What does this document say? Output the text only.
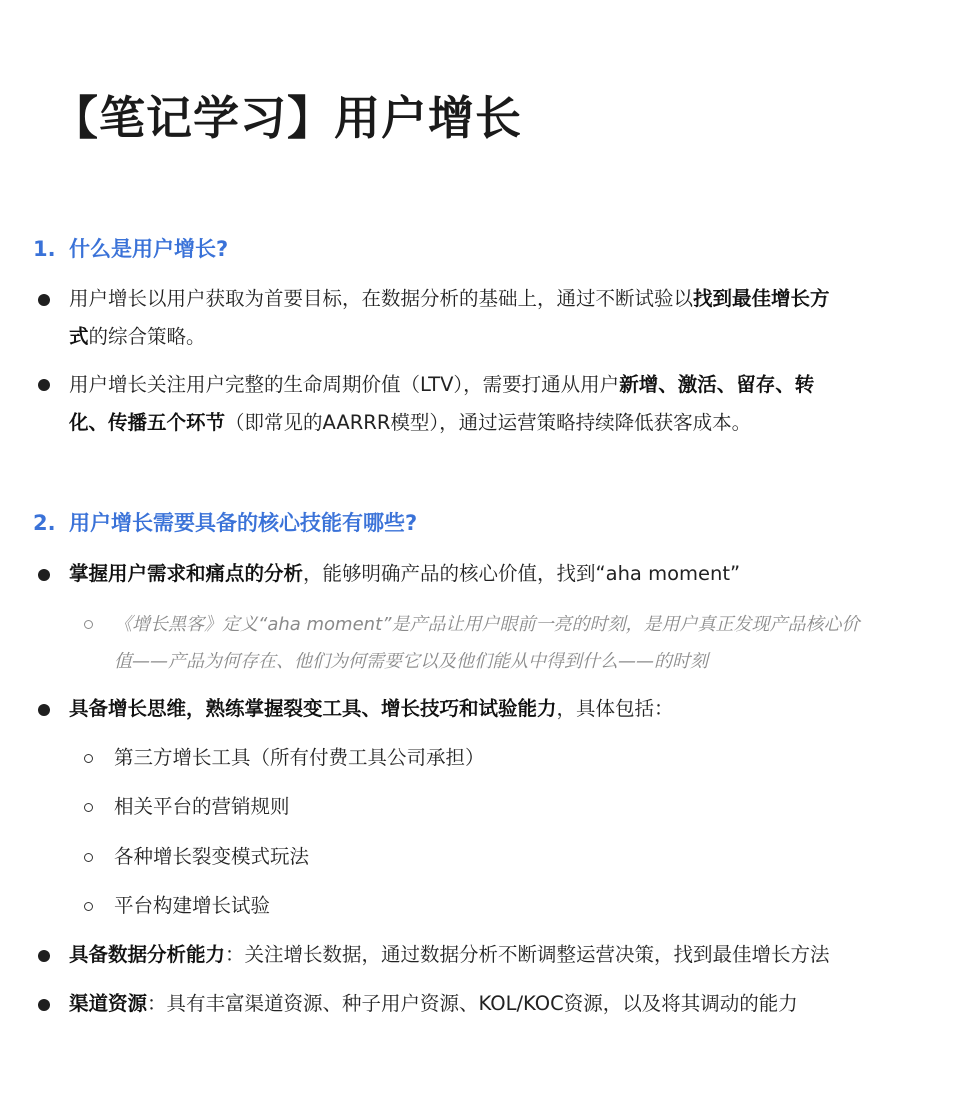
【笔记学习】用户增长
1. 什么是用户增长?
用户增长以用户获取为首要目标，在数据分析的基础上，通过不断试验以找到最佳增长方
式的综合策略。
用户增长关注用户完整的生命周期价值（LTV），需要打通从用户新增、激活、留存、转
化、传播五个环节（即常见的AARRR模型），通过运营策略持续降低获客成本。
2. 用户增长需要具备的核心技能有哪些?
掌握用户需求和痛点的分析，能够明确产品的核心价值，找到“aha moment”
《增长黑客》定义“aha moment”是产品让用户眼前一亮的时刻，是用户真正发现产品核心价
值——产品为何存在、他们为何需要它以及他们能从中得到什么——的时刻
具备增长思维，熟练掌握裂变工具、增长技巧和试验能力，具体包括：
第三方增长工具（所有付费工具公司承担）
相关平台的营销规则
各种增长裂变模式玩法
平台构建增长试验
具备数据分析能力：关注增长数据，通过数据分析不断调整运营决策，找到最佳增长方法
渠道资源：具有丰富渠道资源、种子用户资源、KOL/KOC资源，以及将其调动的能力
